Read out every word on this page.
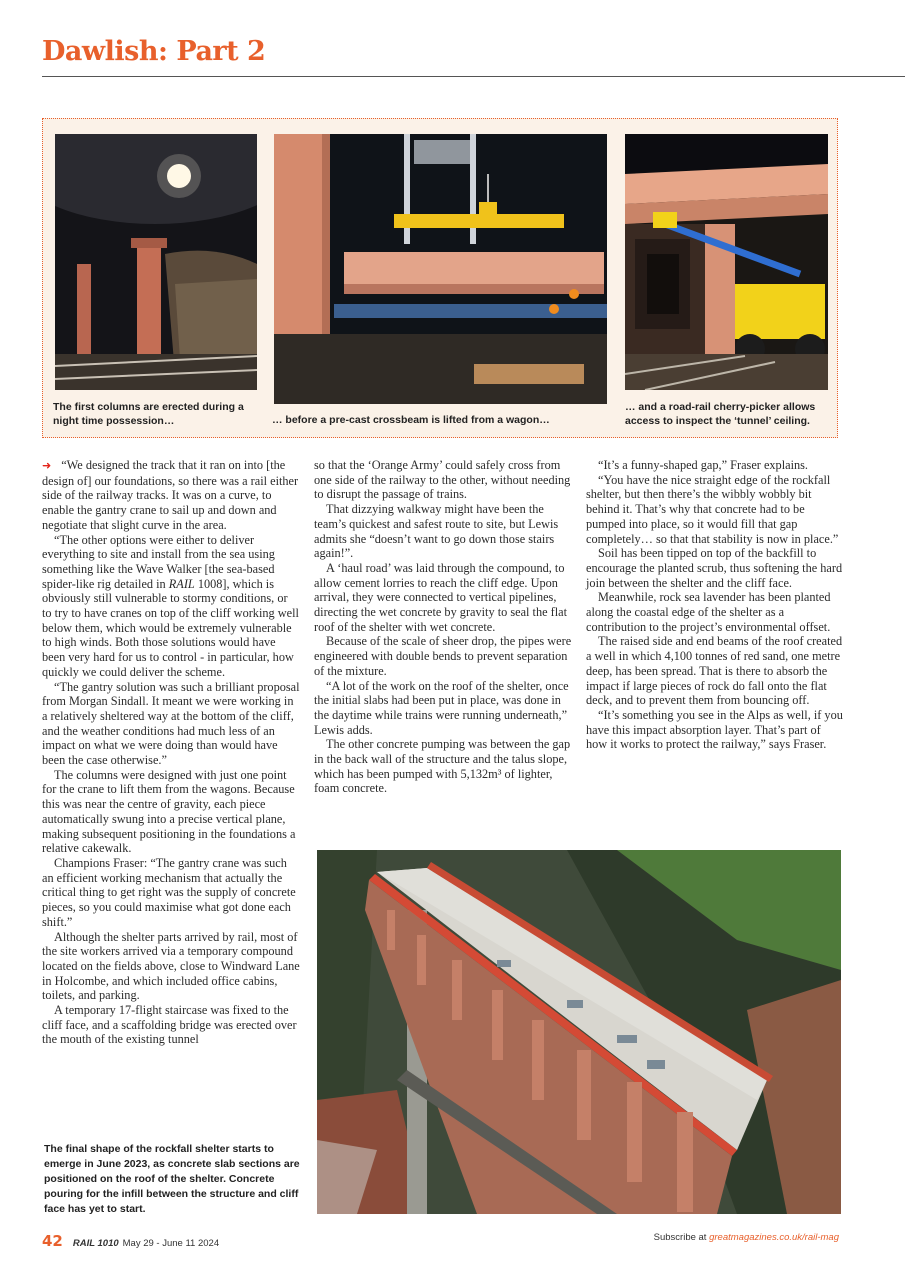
Dawlish: Part 2
The first columns are erected during a night time possession…	… before a pre-cast crossbeam is lifted from a wagon…
… and a road-rail cherry-picker allows access to inspect the ‘tunnel’ ceiling.

➜ “We designed the track that it ran on into [the design of] our foundations, so there was a rail either side of the railway tracks. It was on a curve, to enable the gantry crane to sail up and down and negotiate that slight curve in the area.

“The other options were either to deliver everything to site and install from the sea using something like the Wave Walker [the sea-based spider-like rig detailed in RAIL 1008], which is obviously still vulnerable to stormy conditions, or to try to have cranes on top of the cliff working well below them, which would be extremely vulnerable to high winds. Both those solutions would have been very hard for us to control - in particular, how quickly we could deliver the scheme.

“The gantry solution was such a brilliant proposal from Morgan Sindall. It meant we were working in a relatively sheltered way at the bottom of the cliff, and the weather conditions had much less of an impact on what we were doing than would have been the case otherwise.”

The columns were designed with just one point for the crane to lift them from the wagons. Because this was near the centre of gravity, each piece automatically swung into a precise vertical plane, making subsequent positioning in the foundations a relative cakewalk.

Champions Fraser: “The gantry crane was such an efficient working mechanism that actually the critical thing to get right was the supply of concrete pieces, so you could maximise what got done each shift.”

Although the shelter parts arrived by rail, most of the site workers arrived via a temporary compound located on the fields above, close to Windward Lane in Holcombe, and which included office cabins, toilets, and parking.

A temporary 17-flight staircase was fixed to the cliff face, and a scaffolding bridge was erected over the mouth of the existing tunnel

so that the ‘Orange Army’ could safely cross from one side of the railway to the other, without needing to disrupt the passage of trains.

That dizzying walkway might have been the team’s quickest and safest route to site, but Lewis admits she “doesn’t want to go down those stairs again!”.

A ‘haul road’ was laid through the compound, to allow cement lorries to reach the cliff edge. Upon arrival, they were connected to vertical pipelines, directing the wet concrete by gravity to seal the flat roof of the shelter with wet concrete.

Because of the scale of sheer drop, the pipes were engineered with double bends to prevent separation of the mixture.

“A lot of the work on the roof of the shelter, once the initial slabs had been put in place, was done in the daytime while trains were running underneath,” Lewis adds.

The other concrete pumping was between the gap in the back wall of the structure and the talus slope, which has been pumped with 5,132m³ of lighter, foam concrete.

“It’s a funny-shaped gap,” Fraser explains.

“You have the nice straight edge of the rockfall shelter, but then there’s the wibbly wobbly bit behind it. That’s why that concrete had to be pumped into place, so it would fill that gap completely… so that that stability is now in place.”

Soil has been tipped on top of the backfill to encourage the planted scrub, thus softening the hard join between the shelter and the cliff face.

Meanwhile, rock sea lavender has been planted along the coastal edge of the shelter as a contribution to the project’s environmental offset.

The raised side and end beams of the roof created a well in which 4,100 tonnes of red sand, one metre deep, has been spread. That is there to absorb the impact if large pieces of rock do fall onto the flat deck, and to prevent them from bouncing off.

“It’s something you see in the Alps as well, if you have this impact absorption layer. That’s part of how it works to protect the railway,” says Fraser.

The final shape of the rockfall shelter starts to emerge in June 2023, as concrete slab sections are positioned on the roof of the shelter. Concrete pouring for the infill between the structure and cliff face has yet to start.
42 RAIL 1010 May 29 - June 11 2024
Subscribe at greatmagazines.co.uk/rail-mag
